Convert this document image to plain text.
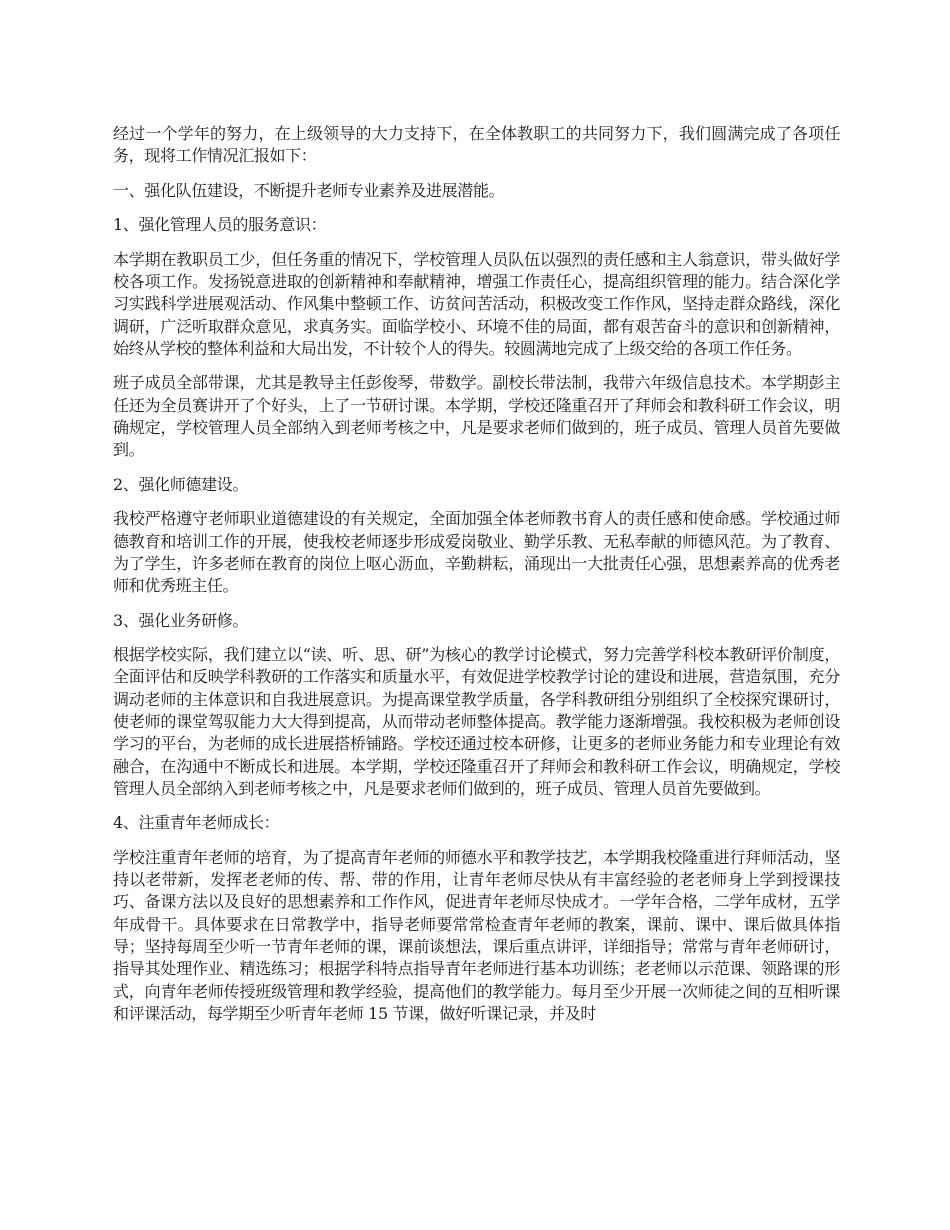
经过一个学年的努力，在上级领导的大力支持下，在全体教职工的共同努力下，我们圆满完成了各项任务，现将工作情况汇报如下：

一、强化队伍建设，不断提升老师专业素养及进展潜能。

1、强化管理人员的服务意识：

本学期在教职员工少，但任务重的情况下，学校管理人员队伍以强烈的责任感和主人翁意识，带头做好学校各项工作。发扬锐意进取的创新精神和奉献精神，增强工作责任心，提高组织管理的能力。结合深化学习实践科学进展观活动、作风集中整顿工作、访贫问苦活动，积极改变工作作风，坚持走群众路线，深化调研，广泛听取群众意见，求真务实。面临学校小、环境不佳的局面，都有艰苦奋斗的意识和创新精神，始终从学校的整体利益和大局出发，不计较个人的得失。较圆满地完成了上级交给的各项工作任务。

班子成员全部带课，尤其是教导主任彭俊琴，带数学。副校长带法制，我带六年级信息技术。本学期彭主任还为全员赛讲开了个好头，上了一节研讨课。本学期，学校还隆重召开了拜师会和教科研工作会议，明确规定，学校管理人员全部纳入到老师考核之中，凡是要求老师们做到的，班子成员、管理人员首先要做到。

2、强化师德建设。

我校严格遵守老师职业道德建设的有关规定，全面加强全体老师教书育人的责任感和使命感。学校通过师德教育和培训工作的开展，使我校老师逐步形成爱岗敬业、勤学乐教、无私奉献的师德风范。为了教育、为了学生，许多老师在教育的岗位上呕心沥血，辛勤耕耘，涌现出一大批责任心强，思想素养高的优秀老师和优秀班主任。

3、强化业务研修。

根据学校实际，我们建立以“读、听、思、研”为核心的教学讨论模式，努力完善学科校本教研评价制度，全面评估和反映学科教研的工作落实和质量水平，有效促进学校教学讨论的建设和进展，营造氛围，充分调动老师的主体意识和自我进展意识。为提高课堂教学质量，各学科教研组分别组织了全校探究课研讨，使老师的课堂驾驭能力大大得到提高，从而带动老师整体提高。教学能力逐渐增强。我校积极为老师创设学习的平台，为老师的成长进展搭桥铺路。学校还通过校本研修，让更多的老师业务能力和专业理论有效融合，在沟通中不断成长和进展。本学期，学校还隆重召开了拜师会和教科研工作会议，明确规定，学校管理人员全部纳入到老师考核之中，凡是要求老师们做到的，班子成员、管理人员首先要做到。

4、注重青年老师成长：

学校注重青年老师的培育，为了提高青年老师的师德水平和教学技艺，本学期我校隆重进行拜师活动，坚持以老带新，发挥老老师的传、帮、带的作用，让青年老师尽快从有丰富经验的老老师身上学到授课技巧、备课方法以及良好的思想素养和工作作风，促进青年老师尽快成才。一学年合格，二学年成材，五学年成骨干。具体要求在日常教学中，指导老师要常常检查青年老师的教案，课前、课中、课后做具体指导；坚持每周至少听一节青年老师的课，课前谈想法，课后重点讲评，详细指导；常常与青年老师研讨，指导其处理作业、精选练习；根据学科特点指导青年老师进行基本功训练；老老师以示范课、领路课的形式，向青年老师传授班级管理和教学经验，提高他们的教学能力。每月至少开展一次师徒之间的互相听课和评课活动，每学期至少听青年老师 15 节课，做好听课记录，并及时
